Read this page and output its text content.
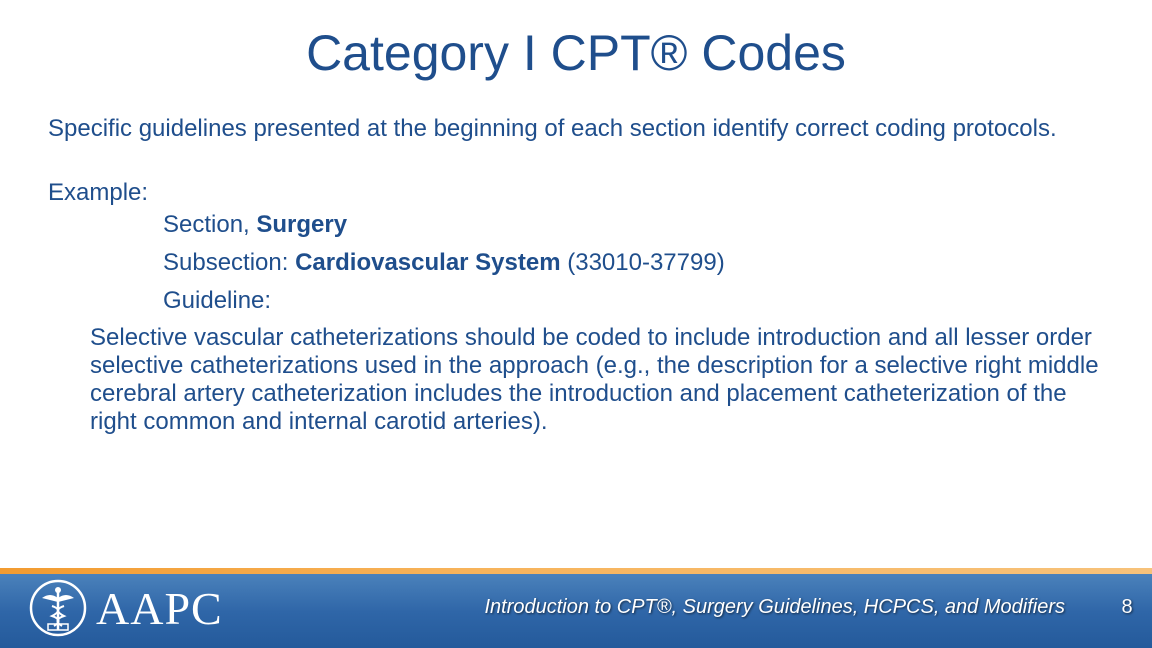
Category I CPT® Codes

Specific guidelines presented at the beginning of each section identify correct coding protocols.

Example:

Section, Surgery

Subsection: Cardiovascular System (33010-37799)

Guideline:

Selective vascular catheterizations should be coded to include introduction and all lesser order selective catheterizations used in the approach (e.g., the description for a selective right middle cerebral artery catheterization includes the introduction and placement catheterization of the right common and internal carotid arteries).

AAPC	Introduction to CPT®, Surgery Guidelines, HCPCS, and Modifiers	8
